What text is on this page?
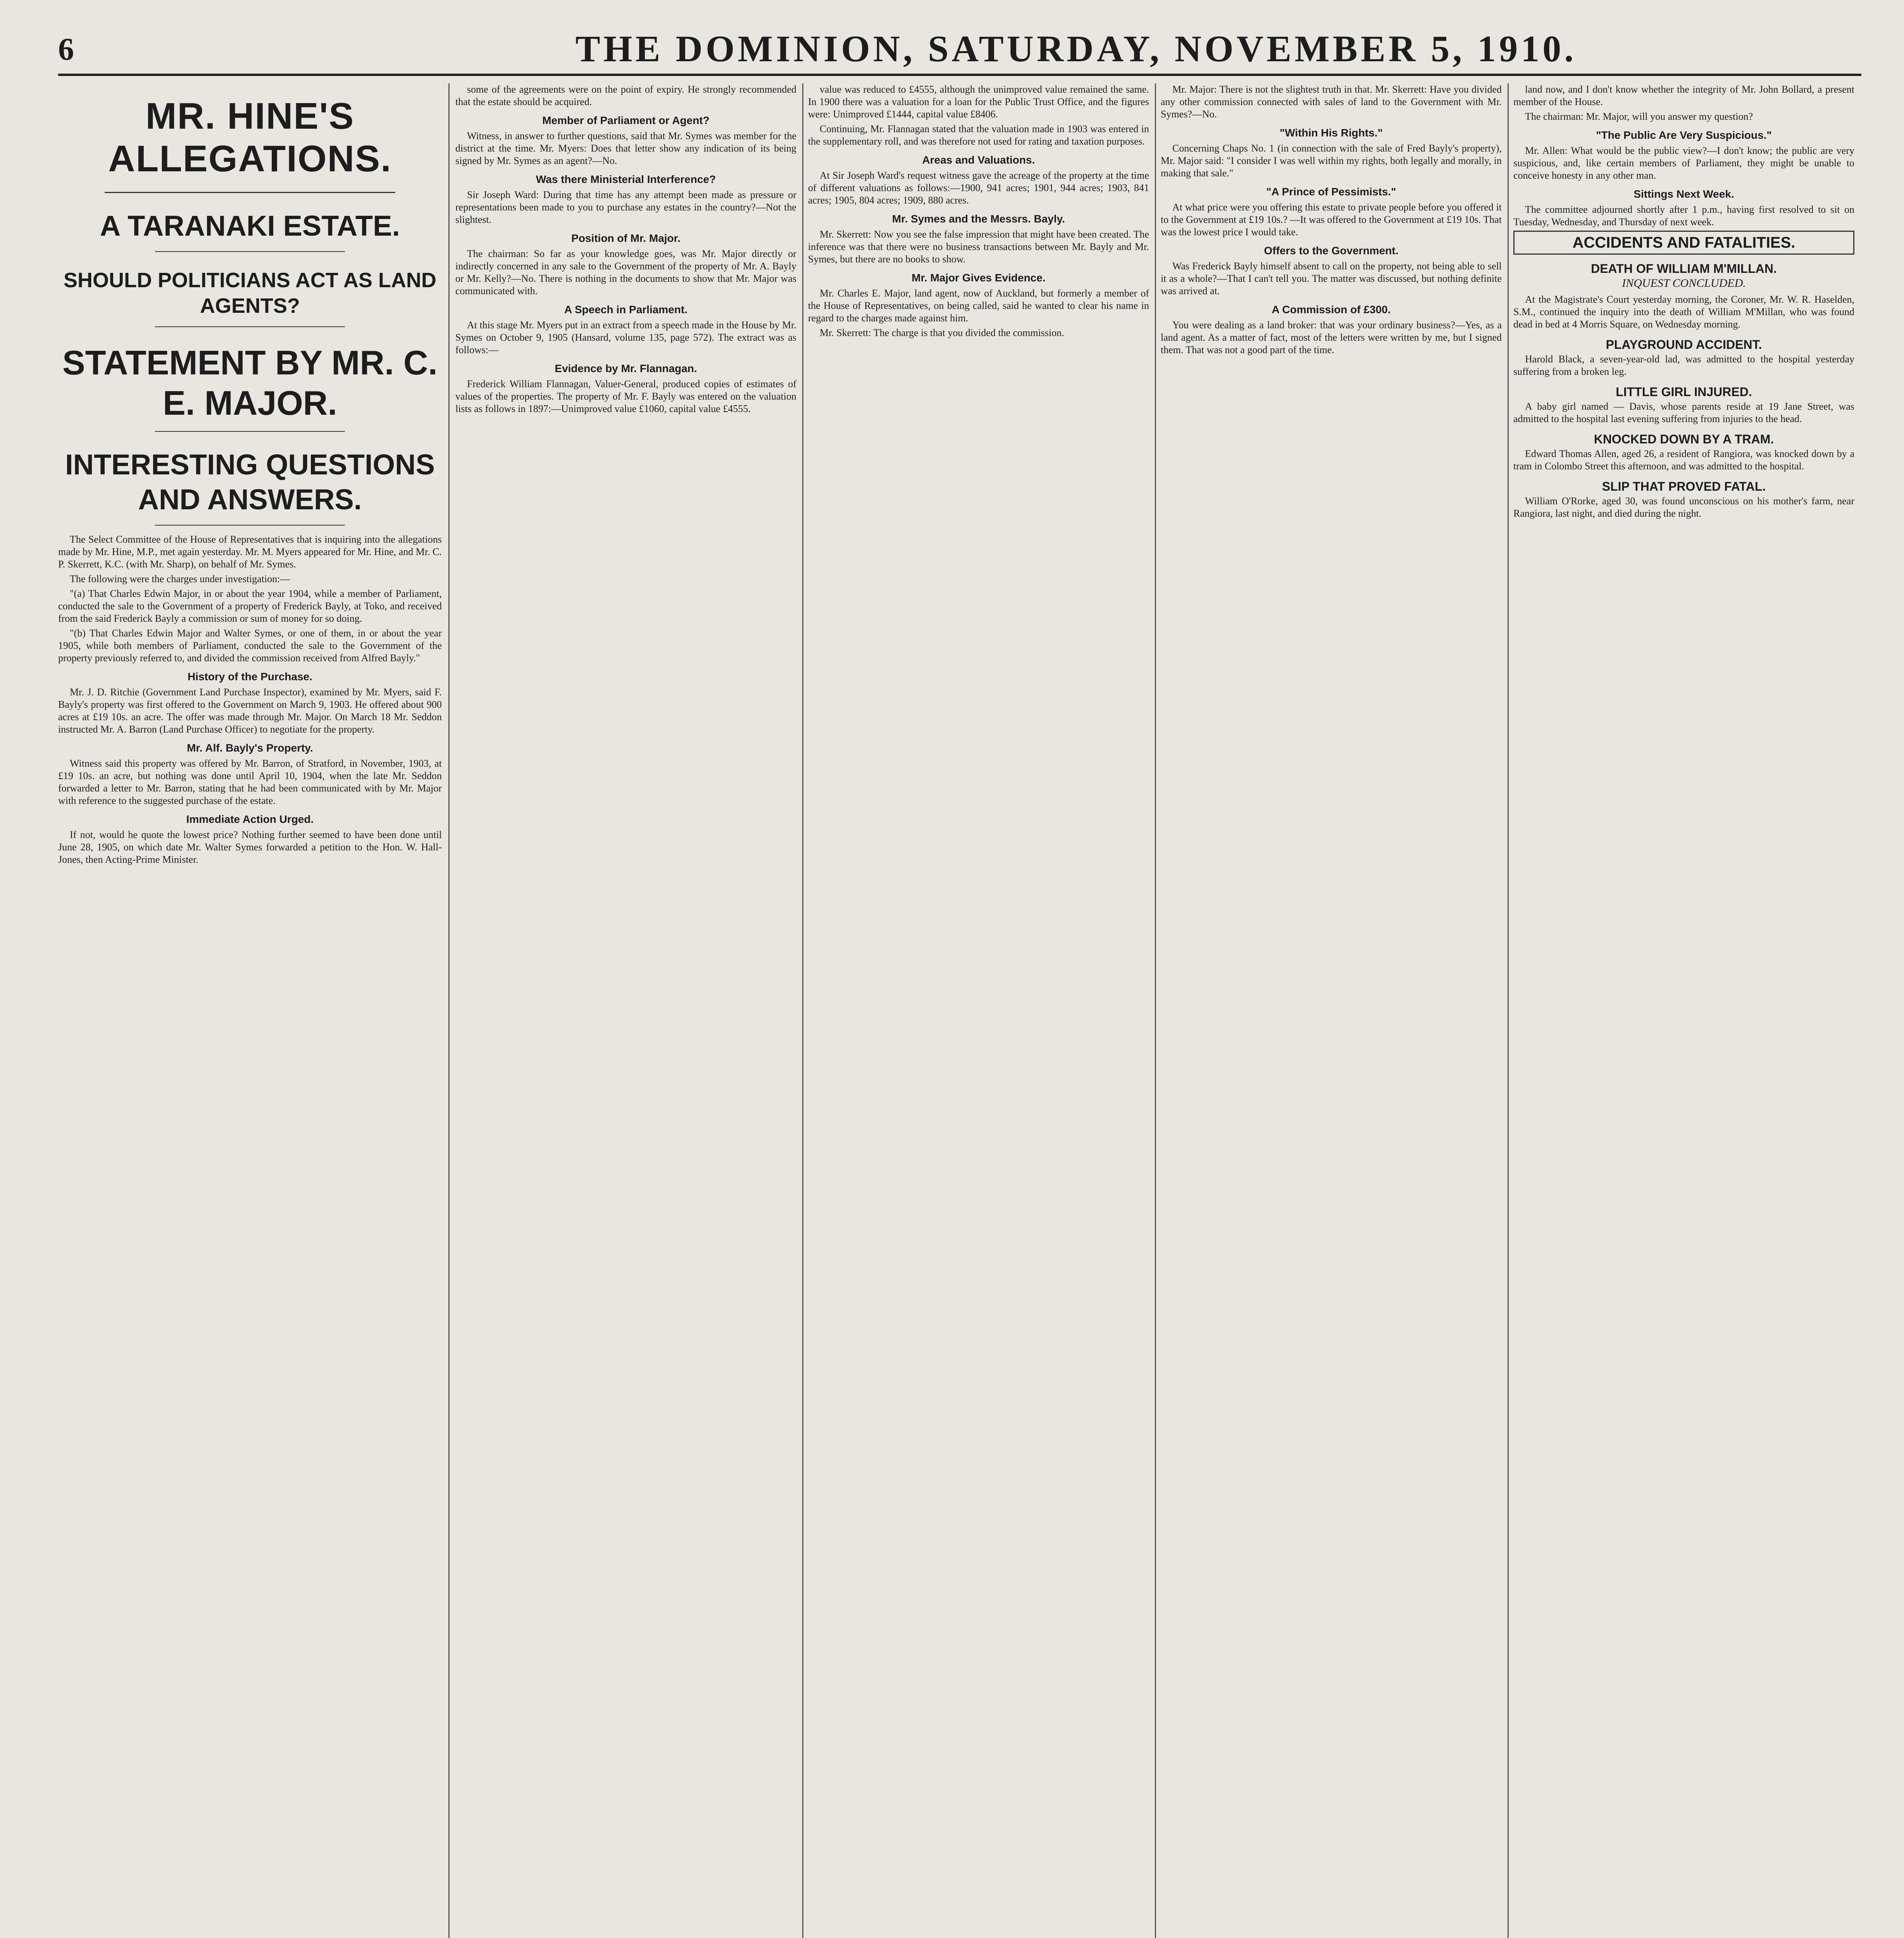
6	THE DOMINION, SATURDAY, NOVEMBER 5, 1910.
MR. HINE'S ALLEGATIONS.
A TARANAKI ESTATE.
SHOULD POLITICIANS ACT AS LAND AGENTS?
STATEMENT BY MR. C. E. MAJOR.
INTERESTING QUESTIONS AND ANSWERS.

The Select Committee of the House of Representatives that is inquiring into the allegations made by Mr. Hine, M.P., met again yesterday. Mr. M. Myers appeared for Mr. Hine, and Mr. C. P. Skerrett, K.C. (with Mr. Sharp), on behalf of Mr. Symes.

The following were the charges under investigation:—

"(a) That Charles Edwin Major, in or about the year 1904, while a member of Parliament, conducted the sale to the Government of a property of Frederick Bayly, at Toko, and received from the said Frederick Bayly a commission or sum of money for so doing.

"(b) That Charles Edwin Major and Walter Symes, or one of them, in or about the year 1905, while both members of Parliament, conducted the sale to the Government of the property previously referred to, and divided the commission received from Alfred Bayly."

History of the Purchase.

Mr. J. D. Ritchie (Government Land Purchase Inspector), examined by Mr. Myers, said F. Bayly's property was first offered to the Government on March 9, 1903. He offered about 900 acres at £19 10s. an acre. The offer was made through Mr. Major. On March 18 Mr. Seddon instructed Mr. A. Barron (Land Purchase Officer) to negotiate for the property.

Mr. Alf. Bayly's Property.

Witness said this property was offered by Mr. Barron, of Stratford, in November, 1903, at £19 10s. an acre, but nothing was done until April 10, 1904, when the late Mr. Seddon forwarded a letter to Mr. Barron, stating that he had been communicated with by Mr. Major with reference to the suggested purchase of the estate.

Immediate Action Urged.

If not, would he quote the lowest price? Nothing further seemed to have been done until June 28, 1905, on which date Mr. Walter Symes forwarded a petition to the Hon. W. Hall-Jones, then Acting-Prime Minister.

some of the agreements were on the point of expiry. He strongly recommended that the estate should be acquired.

Member of Parliament or Agent?

Witness, in answer to further questions, said that Mr. Symes was member for the district at the time. Mr. Myers: Does that letter show any indication of its being signed by Mr. Symes as an agent?—No.

Was there Ministerial Interference?

Sir Joseph Ward: During that time has any attempt been made as pressure or representations been made to you to purchase any estates in the country?—Not the slightest.

Position of Mr. Major.

The chairman: So far as your knowledge goes, was Mr. Major directly or indirectly concerned in any sale to the Government of the property of Mr. A. Bayly or Mr. Kelly?—No. There is nothing in the documents to show that Mr. Major was communicated with.

A Speech in Parliament.

At this stage Mr. Myers put in an extract from a speech made in the House by Mr. Symes on October 9, 1905 (Hansard, volume 135, page 572). The extract was as follows:—

Evidence by Mr. Flannagan.

Frederick William Flannagan, Valuer-General, produced copies of estimates of values of the properties. The property of Mr. F. Bayly was entered on the valuation lists as follows in 1897:—Unimproved value £1060, capital value £4555.

value was reduced to £4555, although the unimproved value remained the same. In 1900 there was a valuation for a loan for the Public Trust Office, and the figures were: Unimproved £1444, capital value £8406.

Continuing, Mr. Flannagan stated that the valuation made in 1903 was entered in the supplementary roll, and was therefore not used for rating and taxation purposes.

Areas and Valuations.

At Sir Joseph Ward's request witness gave the acreage of the property at the time of different valuations as follows:—1900, 941 acres; 1901, 944 acres; 1903, 841 acres; 1905, 804 acres; 1909, 880 acres.

Mr. Symes and the Messrs. Bayly.

Mr. Skerrett: Now you see the false impression that might have been created. The inference was that there were no business transactions between Mr. Bayly and Mr. Symes, but there are no books to show.

Mr. Major Gives Evidence.

Mr. Charles E. Major, land agent, now of Auckland, but formerly a member of the House of Representatives, on being called, said he wanted to clear his name in regard to the charges made against him.

Mr. Skerrett: The charge is that you divided the commission.

Mr. Major: There is not the slightest truth in that. Mr. Skerrett: Have you divided any other commission connected with sales of land to the Government with Mr. Symes?—No.

"Within His Rights."

Concerning Chaps No. 1 (in connection with the sale of Fred Bayly's property), Mr. Major said: "I consider I was well within my rights, both legally and morally, in making that sale."

"A Prince of Pessimists."

At what price were you offering this estate to private people before you offered it to the Government at £19 10s.? —It was offered to the Government at £19 10s. That was the lowest price I would take.

Offers to the Government.

Was Frederick Bayly himself absent to call on the property, not being able to sell it as a whole?—That I can't tell you. The matter was discussed, but nothing definite was arrived at.

A Commission of £300.

You were dealing as a land broker: that was your ordinary business?—Yes, as a land agent. As a matter of fact, most of the letters were written by me, but I signed them. That was not a good part of the time.

land now, and I don't know whether the integrity of Mr. John Bollard, a present member of the House.

The chairman: Mr. Major, will you answer my question?

"The Public Are Very Suspicious."

Mr. Allen: What would be the public view?—I don't know; the public are very suspicious, and, like certain members of Parliament, they might be unable to conceive honesty in any other man.

Sittings Next Week.

The committee adjourned shortly after 1 p.m., having first resolved to sit on Tuesday, Wednesday, and Thursday of next week.

ACCIDENTS AND FATALITIES.
DEATH OF WILLIAM M'MILLAN.
INQUEST CONCLUDED.

At the Magistrate's Court yesterday morning, the Coroner, Mr. W. R. Haselden, S.M., continued the inquiry into the death of William M'Millan, who was found dead in bed at 4 Morris Square, on Wednesday morning.

PLAYGROUND ACCIDENT.

Harold Black, a seven-year-old lad, was admitted to the hospital yesterday suffering from a broken leg.

LITTLE GIRL INJURED.

A baby girl named — Davis, whose parents reside at 19 Jane Street, was admitted to the hospital last evening suffering from injuries to the head.

KNOCKED DOWN BY A TRAM.

Edward Thomas Allen, aged 26, a resident of Rangiora, was knocked down by a tram in Colombo Street this afternoon, and was admitted to the hospital.

SLIP THAT PROVED FATAL.

William O'Rorke, aged 30, was found unconscious on his mother's farm, near Rangiora, last night, and died during the night.
